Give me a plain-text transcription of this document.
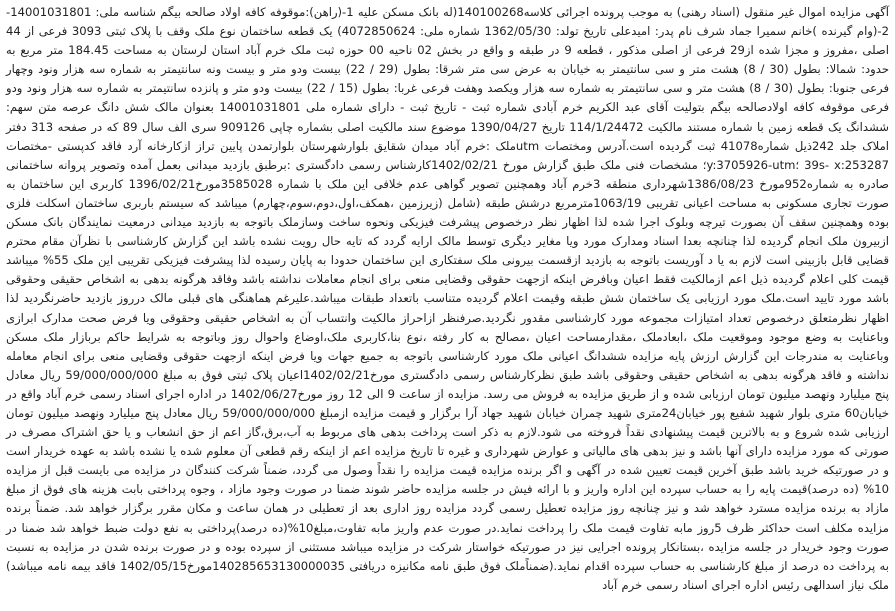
آگهی مزایده اموال غیر منقول (اسناد رهنی) به موجب پرونده اجرائی کلاسه140100268(له بانک مسکن علیه 1-(راهن):موقوفه کافه اولاد صالحه بیگم شناسه ملی: 14001031801-2-(وام گیرنده )خانم سمیرا جماد شرف نام پدر: امیدعلی تاریخ تولد: 1362/05/30 شماره ملی: 4072850624) یک قطعه ساختمان نوع ملک وقف با پلاک ثبتی 3093 فرعی از 44 اصلی ،مفروز و مجزا شده از29 فرعی از اصلی مذکور ، قطعه 9 در طبقه و واقع در بخش 02 ناحیه 00 حوزه ثبت ملک خرم آباد استان لرستان به مساحت 184.45 متر مربع به حدود: شمالا: بطول (30 / 8) هشت متر و سی سانتیمتر به خیابان به عرض سی متر شرقا: بطول (29 / 22) بیست ودو متر و بیست ونه سانتیمتر به شماره سه هزار ونود وچهار فرعی جنوبا: بطول (30 / 8) هشت متر و سی سانتیمتر به شماره سه هزار ویکصد وهفت فرعی غربا: بطول (15 / 22) بیست ودو متر و پانزده سانتیمتر به شماره سه هزار ونود ودو فرعی موقوفه کافه اولادصالحه بیگم بتولیت آقای عبد الکریم خرم آبادی شماره ثبت - تاریخ ثبت - دارای شماره ملی 14001031801 بعنوان مالک شش دانگ عرصه متن سهم: ششدانگ یک قطعه زمین با شماره مستند مالکیت 114/1/24472 تاریخ 1390/04/27 موضوع سند مالکیت اصلی بشماره چاپی 909126 سری الف سال 89 که در صفحه 313 دفتر املاک جلد 242ذیل شماره41078 ثبت گردیده است.آدرس ومختصات utmملک :خرم آباد میدان شقایق بلوارشهرستان بلوارتمدن پایین تراز ازکارخانه آرد فاقد کدپستی -مختصات 39s- x:253287 ؛y:3705926-utm؛ مشخصات فنی ملک طبق گزارش مورخ 1402/02/21کارشناس رسمی دادگستری :برطبق بازدید میدانی بعمل آمده وتصویر پروانه ساختمانی صادره به شماره952مورخ 1386/08/23شهرداری منطقه 3خرم آباد وهمچنین تصویر گواهی عدم خلافی این ملک با شماره 3585028مورخ1396/02/21 کاربری این ساختمان به صورت تجاری مسکونی به مساحت اعیانی تقریبی 1063/19مترمربع درشش طبقه (شامل (زیرزمین ،همکف،اول،دوم،سوم،چهارم) میباشد که سیستم باربری ساختمان اسکلت فلزی بوده وهمچنین سقف آن بصورت تیرچه وبلوک اجرا شده لذا اظهار نظر درخصوص پیشرفت فیزیکی ونحوه ساخت وسازملک باتوجه به بازدید میدانی درمعیت نمایندگان بانک مسکن ازبیرون ملک انجام گردیده لذا چنانچه بعدا اسناد ومدارک مورد ویا مغایر دیگری توسط مالک ارایه گردد که تایه حال رویت نشده باشد این گزارش کارشناسی با نظرآن مقام محترم قضایی قابل بازبینی است لازم به یا د آوریست باتوجه به بازدید ازقسمت بیرونی ملک سفتکاری این ساختمان حدودا به پایان رسیده لذا پیشرفت فیزیکی تقریبی این ملک 55% میباشد قیمت کلی اعلام گردیده ذیل اعم ازمالکیت فقط اعیان وبافرض اینکه ازجهت حقوقی وقضایی منعی برای انجام معاملات نداشته باشد وفاقد هرگونه بدهی به اشخاص حقیقی وحقوقی باشد مورد تایید است.ملک مورد ارزیابی یک ساختمان شش طبقه وقیمت اعلام گردیده متناسب باتعداد طبقات میباشد.علیرغم هماهنگی های قبلی مالک درروز بازدید حاضرنگردید لذا اظهار نظرمتعلق درخصوص تعداد امتیازات مجموعه مورد کارشناسی مقدور نگردید.صرفنظر ازاحراز مالکیت وانتساب آن به اشخاص حقیقی وحقوقی ویا فرض صحت مدارک ابرازی وباعنایت به وضع موجود وموقعیت ملک ،ابعادملک ،مقدارمساحت اعیان ،مصالح به کار رفته ،نوع بنا،کاربری ملک،اوضاع واحوال روز وباتوجه به شرایط حاکم بربازار ملک مسکن وباعنایت به مندرجات این گزارش ارزش پایه مزایده ششدانگ اعیانی ملک مورد کارشناسی باتوجه به جمیع جهات ویا فرض اینکه ازجهت حقوقی وقضایی منعی برای انجام معامله نداشته و فاقد هرگونه بدهی به اشخاص حقیقی وحقوقی باشد طبق نظرکارشناس رسمی دادگستری مورخ1402/02/21اعیان پلاک ثبتی فوق به مبلغ 59/000/000/000 ریال معادل پنج میلیارد ونهصد میلیون تومان ارزیابی شده و از طریق مزایده به فروش می رسد. مزایده از ساعت 9 الی 12 روز مورخ1402/06/27 در اداره اجرای اسناد رسمی خرم آباد واقع در خیابان60 متری بلوار شهید شفیع پور خیابان24متری شهید چمران خیابان شهید جهاد آرا برگزار و قیمت مزایده ازمبلغ 59/000/000/000 ریال معادل پنج میلیارد ونهصد میلیون تومان ارزیابی شده شروع و به بالاترین قیمت پیشنهادی نقداً فروخته می شود.لازم به ذکر است پرداخت بدهی های مربوط به آب،برق،گاز اعم از حق انشعاب و یا حق اشتراک مصرف در صورتی که مورد مزایده دارای آنها باشد و نیز بدهی های مالیاتی و عوارض شهرداری و غیره تا تاریخ مزایده اعم از اینکه رقم قطعی آن معلوم شده یا نشده باشد به عهده خریدار است و در صورتیکه خرید باشد طبق آخرین قیمت تعیین شده در آگهی و اگر برنده مزایده قیمت مزایده را نقداً وصول می گردد، ضمناً شرکت کنندگان در مزایده می بایست قبل از مزایده 10% (ده درصد)قیمت پایه را به حساب سپرده این اداره واریز و با ارائه فیش در جلسه مزایده حاضر شوند ضمنا در صورت وجود مازاد ، وجوه پرداختی بابت هزینه های فوق از مبلغ مازاد به برنده مزایده مسترد خواهد شد و نیز چنانچه روز مزایده تعطیل رسمی گردد مزایده روز اداری بعد از تعطیلی در همان ساعت و مکان مقرر برگزار خواهد شد. ضمناً برنده مزایده مکلف است حداکثر ظرف 5روز مابه تفاوت قیمت ملک را پرداخت نماید.در صورت عدم واریز مابه تفاوت،مبلغ10%(ده درصد)پرداختی به نفع دولت ضبط خواهد شد ضمنا در صورت وجود خریدار در جلسه مزایده ،بستانکار پرونده اجرایی نیز در صورتیکه خواستار شرکت در مزایده میباشد مستثنی از سپرده بوده و در صورت برنده شدن در مزایده به نسبت به پرداخت ده درصد از مبلغ کارشناسی به حساب سپرده اقدام نماید.(ضمناًملک فوق طبق نامه مکانیزه دریافتی 140285653130000035مورخ1402/05/15 فاقد بیمه نامه میباشد) ملک نیاز اسدالهی رئیس اداره اجرای اسناد رسمی خرم آباد
